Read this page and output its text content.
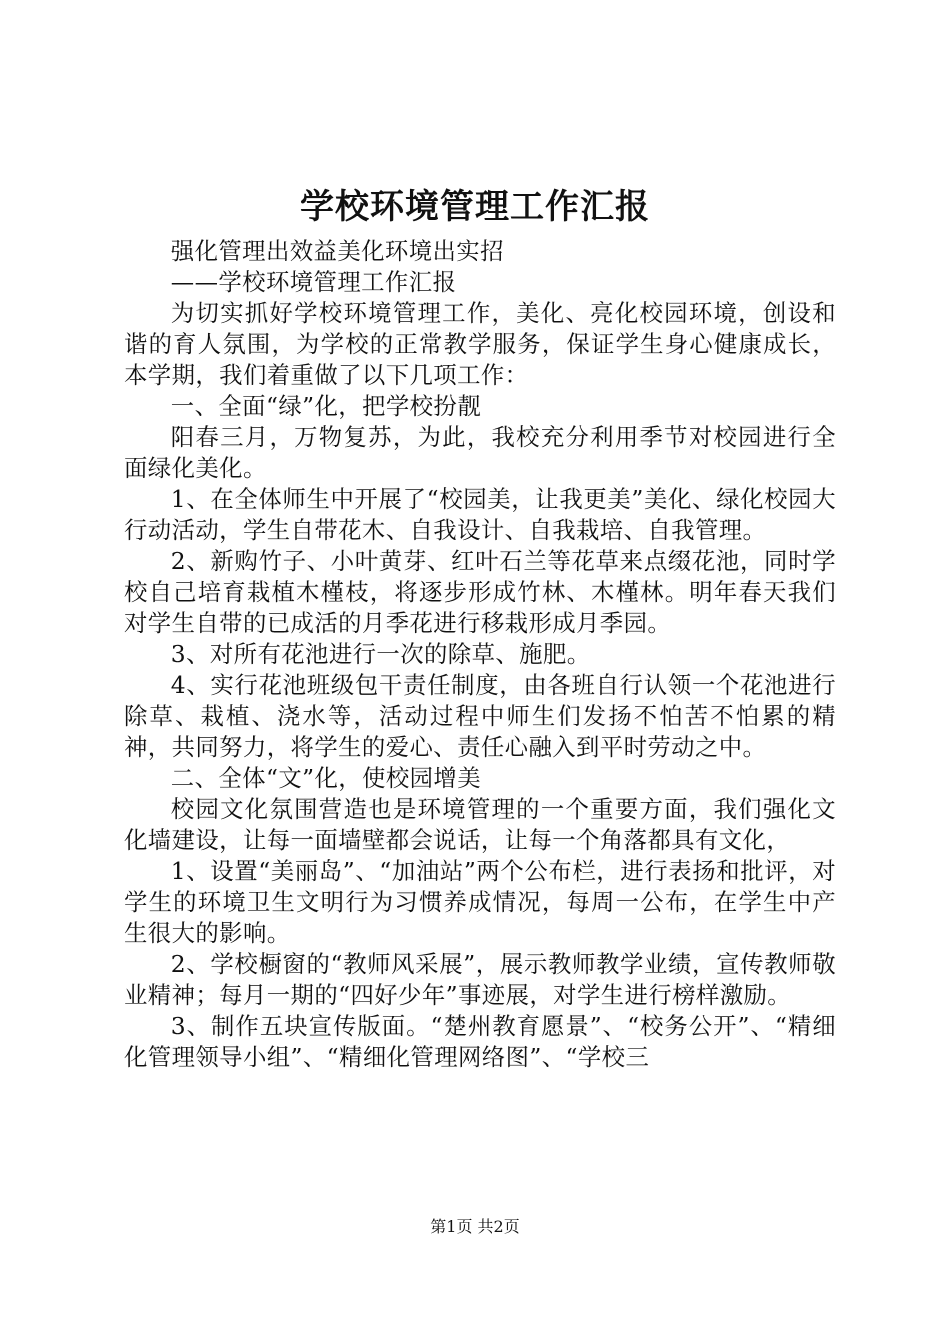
学校环境管理工作汇报

强化管理出效益美化环境出实招

——学校环境管理工作汇报

为切实抓好学校环境管理工作，美化、亮化校园环境，创设和谐的育人氛围，为学校的正常教学服务，保证学生身心健康成长，本学期，我们着重做了以下几项工作：

一、全面“绿”化，把学校扮靓

阳春三月，万物复苏，为此，我校充分利用季节对校园进行全面绿化美化。

1、在全体师生中开展了“校园美，让我更美”美化、绿化校园大行动活动，学生自带花木、自我设计、自我栽培、自我管理。

2、新购竹子、小叶黄芽、红叶石兰等花草来点缀花池，同时学校自己培育栽植木槿枝，将逐步形成竹林、木槿林。明年春天我们对学生自带的已成活的月季花进行移栽形成月季园。

3、对所有花池进行一次的除草、施肥。

4、实行花池班级包干责任制度，由各班自行认领一个花池进行除草、栽植、浇水等，活动过程中师生们发扬不怕苦不怕累的精神，共同努力，将学生的爱心、责任心融入到平时劳动之中。

二、全体“文”化，使校园增美

校园文化氛围营造也是环境管理的一个重要方面，我们强化文化墙建设，让每一面墙壁都会说话，让每一个角落都具有文化，

1、设置“美丽岛”、“加油站”两个公布栏，进行表扬和批评，对学生的环境卫生文明行为习惯养成情况，每周一公布，在学生中产生很大的影响。

2、学校橱窗的“教师风采展”，展示教师教学业绩，宣传教师敬业精神；每月一期的“四好少年”事迹展，对学生进行榜样激励。

3、制作五块宣传版面。“楚州教育愿景”、“校务公开”、“精细化管理领导小组”、“精细化管理网络图”、“学校三

第1页 共2页
